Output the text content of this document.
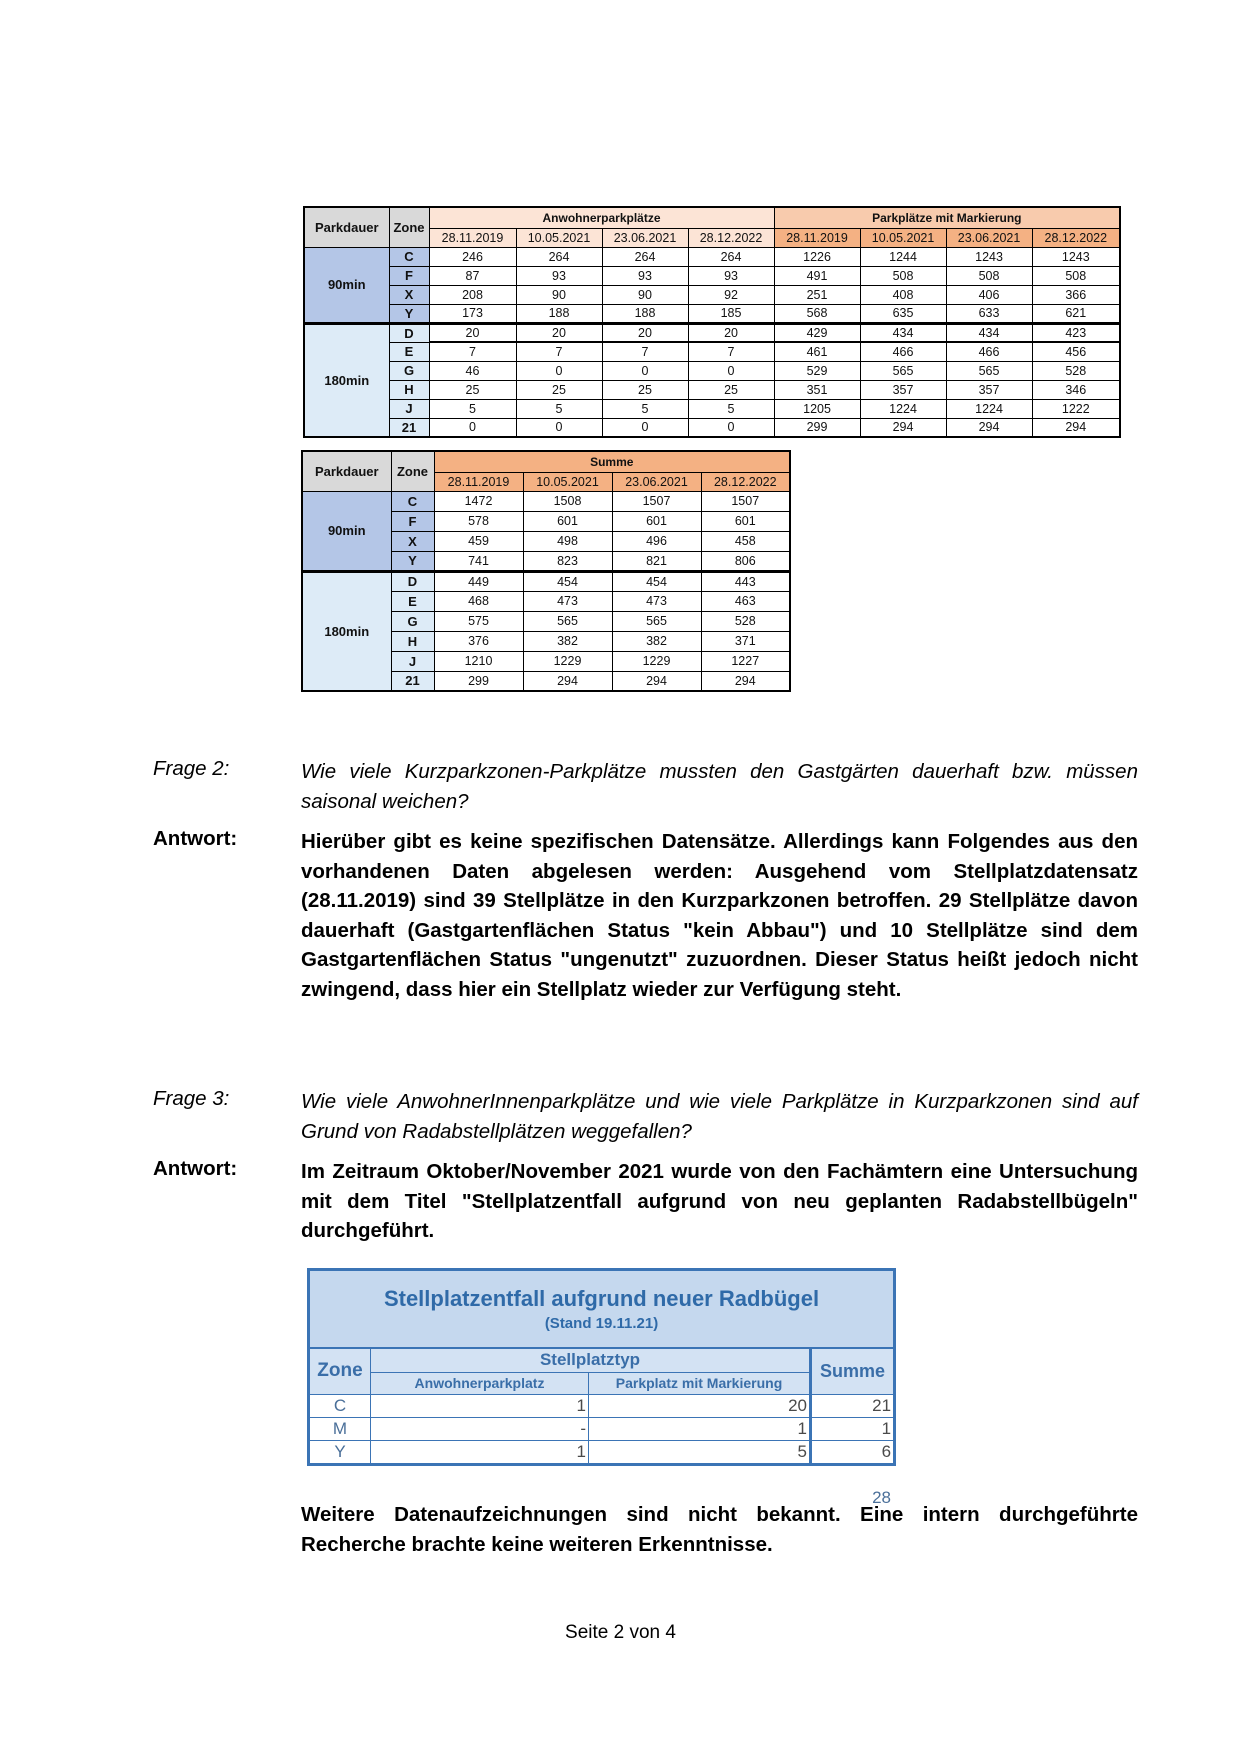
Parkdauer	Zone	Anwohnerparkplätze				Parkplätze mit Markierung			
		28.11.2019	10.05.2021	23.06.2021	28.12.2022	28.11.2019	10.05.2021	23.06.2021	28.12.2022
90min	C	246	264	264	264	1226	1244	1243	1243
	F	87	93	93	93	491	508	508	508
	X	208	90	90	92	251	408	406	366
	Y	173	188	188	185	568	635	633	621
180min	D	20	20	20	20	429	434	434	423
	E	7	7	7	7	461	466	466	456
	G	46	0	0	0	529	565	565	528
	H	25	25	25	25	351	357	357	346
	J	5	5	5	5	1205	1224	1224	1222
	21	0	0	0	0	299	294	294	294
Parkdauer	Zone	Summe			
		28.11.2019	10.05.2021	23.06.2021	28.12.2022
90min	C	1472	1508	1507	1507
	F	578	601	601	601
	X	459	498	496	458
	Y	741	823	821	806
180min	D	449	454	454	443
	E	468	473	473	463
	G	575	565	565	528
	H	376	382	382	371
	J	1210	1229	1229	1227
	21	299	294	294	294
Frage 2:	Wie viele Kurzparkzonen-Parkplätze mussten den Gastgärten dauerhaft bzw. müssen saisonal weichen?
Antwort:	Hierüber gibt es keine spezifischen Datensätze. Allerdings kann Folgendes aus den vorhandenen Daten abgelesen werden: Ausgehend vom Stellplatzdatensatz (28.11.2019) sind 39 Stellplätze in den Kurzparkzonen betroffen. 29 Stellplätze davon dauerhaft (Gastgartenflächen Status "kein Abbau") und 10 Stellplätze sind dem Gastgartenflächen Status "ungenutzt" zuzuordnen. Dieser Status heißt jedoch nicht zwingend, dass hier ein Stellplatz wieder zur Verfügung steht.
Frage 3:	Wie viele AnwohnerInnenparkplätze und wie viele Parkplätze in Kurzparkzonen sind auf Grund von Radabstellplätzen weggefallen?
Antwort:	Im Zeitraum Oktober/November 2021 wurde von den Fachämtern eine Untersuchung mit dem Titel "Stellplatzentfall aufgrund von neu geplanten Radabstellbügeln" durchgeführt.
Stellplatzentfall aufgrund neuer Radbügel
(Stand 19.11.21)			

Zone	Stellplatztyp		Summe
	Anwohnerparkplatz	Parkplatz mit Markierung	
C	1	20	21
M	-	1	1
Y	1	5	6
28
Weitere Datenaufzeichnungen sind nicht bekannt. Eine intern durchgeführte Recherche brachte keine weiteren Erkenntnisse.
Seite 2 von 4
